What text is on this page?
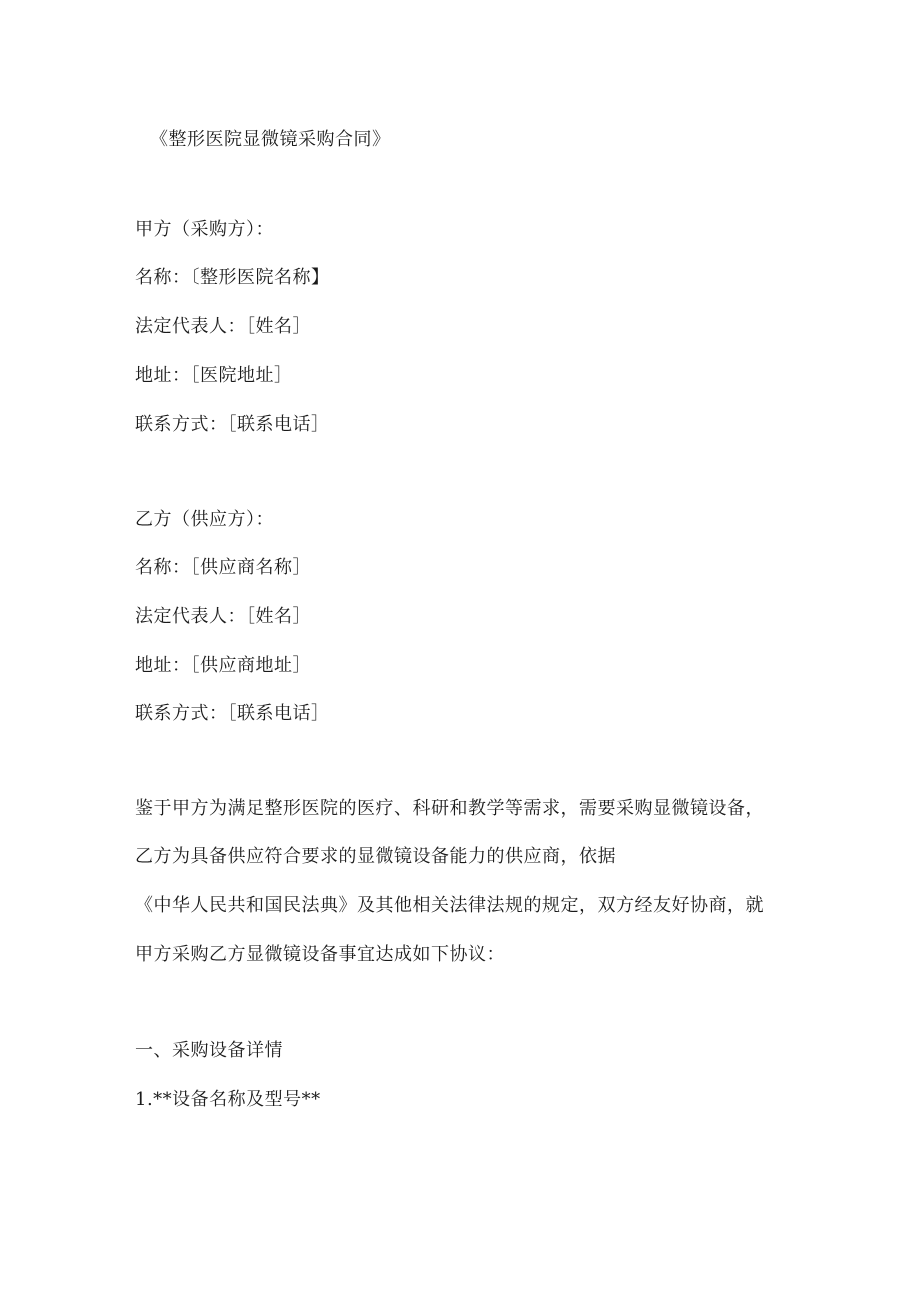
《整形医院显微镜采购合同》
甲方（采购方）：
名称：〔整形医院名称】
法定代表人：［姓名］
地址：［医院地址］
联系方式：［联系电话］
乙方（供应方）：
名称：［供应商名称］
法定代表人：［姓名］
地址：［供应商地址］
联系方式：［联系电话］
鉴于甲方为满足整形医院的医疗、科研和教学等需求，需要采购显微镜设备，
乙方为具备供应符合要求的显微镜设备能力的供应商，依据
《中华人民共和国民法典》及其他相关法律法规的规定，双方经友好协商，就
甲方采购乙方显微镜设备事宜达成如下协议：
一、采购设备详情
1.**设备名称及型号**
